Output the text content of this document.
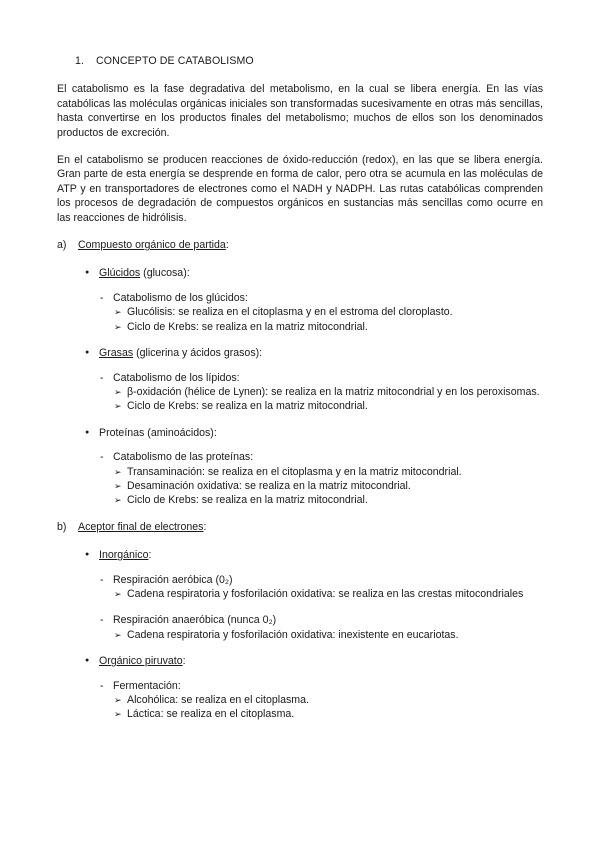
1. CONCEPTO DE CATABOLISMO

El catabolismo es la fase degradativa del metabolismo, en la cual se libera energía. En las vías catabólicas las moléculas orgánicas iniciales son transformadas sucesivamente en otras más sencillas, hasta convertirse en los productos finales del metabolismo; muchos de ellos son los denominados productos de excreción.

En el catabolismo se producen reacciones de óxido-reducción (redox), en las que se libera energía. Gran parte de esta energía se desprende en forma de calor, pero otra se acumula en las moléculas de ATP y en transportadores de electrones como el NADH y NADPH. Las rutas catabólicas comprenden los procesos de degradación de compuestos orgánicos en sustancias más sencillas como ocurre en las reacciones de hidrólisis.

a) Compuesto orgánico de partida:
● Glúcidos (glucosa):
- Catabolismo de los glúcidos:
➢ Glucólisis: se realiza en el citoplasma y en el estroma del cloroplasto.
➢ Ciclo de Krebs: se realiza en la matriz mitocondrial.
● Grasas (glicerina y ácidos grasos):
- Catabolismo de los lípidos:
➢ β-oxidación (hélice de Lynen): se realiza en la matriz mitocondrial y en los peroxisomas.
➢ Ciclo de Krebs: se realiza en la matriz mitocondrial.
● Proteínas (aminoácidos):
- Catabolismo de las proteínas:
➢ Transaminación: se realiza en el citoplasma y en la matriz mitocondrial.
➢ Desaminación oxidativa: se realiza en la matriz mitocondrial.
➢ Ciclo de Krebs: se realiza en la matriz mitocondrial.
b) Aceptor final de electrones:
● Inorgánico:
- Respiración aeróbica (0₂)
➢ Cadena respiratoria y fosforilación oxidativa: se realiza en las crestas mitocondriales
- Respiración anaeróbica (nunca 0₂)
➢ Cadena respiratoria y fosforilación oxidativa: inexistente en eucariotas.
● Orgánico piruvato:
- Fermentación:
➢ Alcohólica: se realiza en el citoplasma.
➢ Láctica: se realiza en el citoplasma.
